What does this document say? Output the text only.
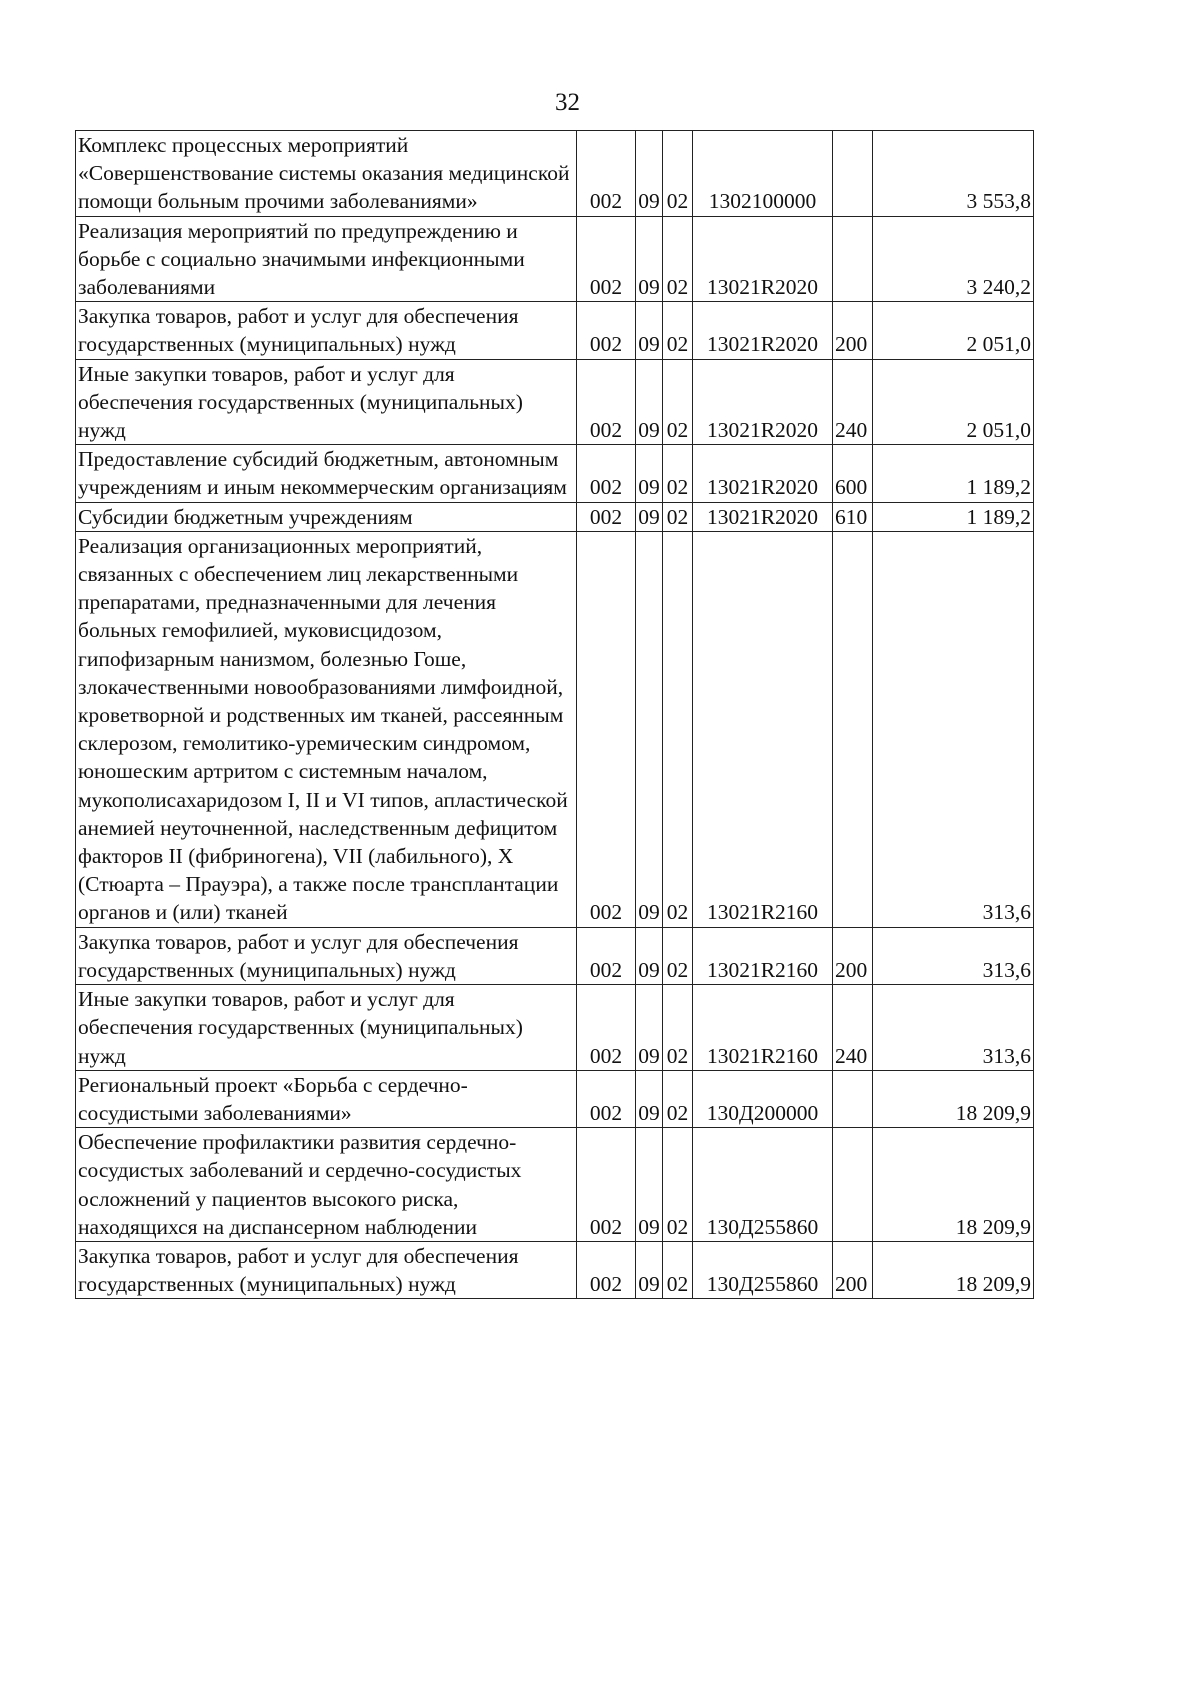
32
Комплекс процессных мероприятий «Совершенствование системы оказания медицинской помощи больным прочими заболеваниями»	002	09	02	1302100000		3 553,8
Реализация мероприятий по предупреждению и борьбе с социально значимыми инфекционными заболеваниями	002	09	02	13021R2020		3 240,2
Закупка товаров, работ и услуг для обеспечения государственных (муниципальных) нужд	002	09	02	13021R2020	200	2 051,0
Иные закупки товаров, работ и услуг для обеспечения государственных (муниципальных) нужд	002	09	02	13021R2020	240	2 051,0
Предоставление субсидий бюджетным, автономным учреждениям и иным некоммерческим организациям	002	09	02	13021R2020	600	1 189,2
Субсидии бюджетным учреждениям	002	09	02	13021R2020	610	1 189,2
Реализация организационных мероприятий, связанных с обеспечением лиц лекарственными препаратами, предназначенными для лечения больных гемофилией, муковисцидозом, гипофизарным нанизмом, болезнью Гоше, злокачественными новообразованиями лимфоидной, кроветворной и родственных им тканей, рассеянным склерозом, гемолитико-уремическим синдромом, юношеским артритом с системным началом, мукополисахаридозом I, II и VI типов, апластической анемией неуточненной, наследственным дефицитом факторов II (фибриногена), VII (лабильного), X (Стюарта – Прауэра), а также после трансплантации органов и (или) тканей	002	09	02	13021R2160		313,6
Закупка товаров, работ и услуг для обеспечения государственных (муниципальных) нужд	002	09	02	13021R2160	200	313,6
Иные закупки товаров, работ и услуг для обеспечения государственных (муниципальных) нужд	002	09	02	13021R2160	240	313,6
Региональный проект «Борьба с сердечно-сосудистыми заболеваниями»	002	09	02	130Д200000		18 209,9
Обеспечение профилактики развития сердечно-сосудистых заболеваний и сердечно-сосудистых осложнений у пациентов высокого риска, находящихся на диспансерном наблюдении	002	09	02	130Д255860		18 209,9
Закупка товаров, работ и услуг для обеспечения государственных (муниципальных) нужд	002	09	02	130Д255860	200	18 209,9
